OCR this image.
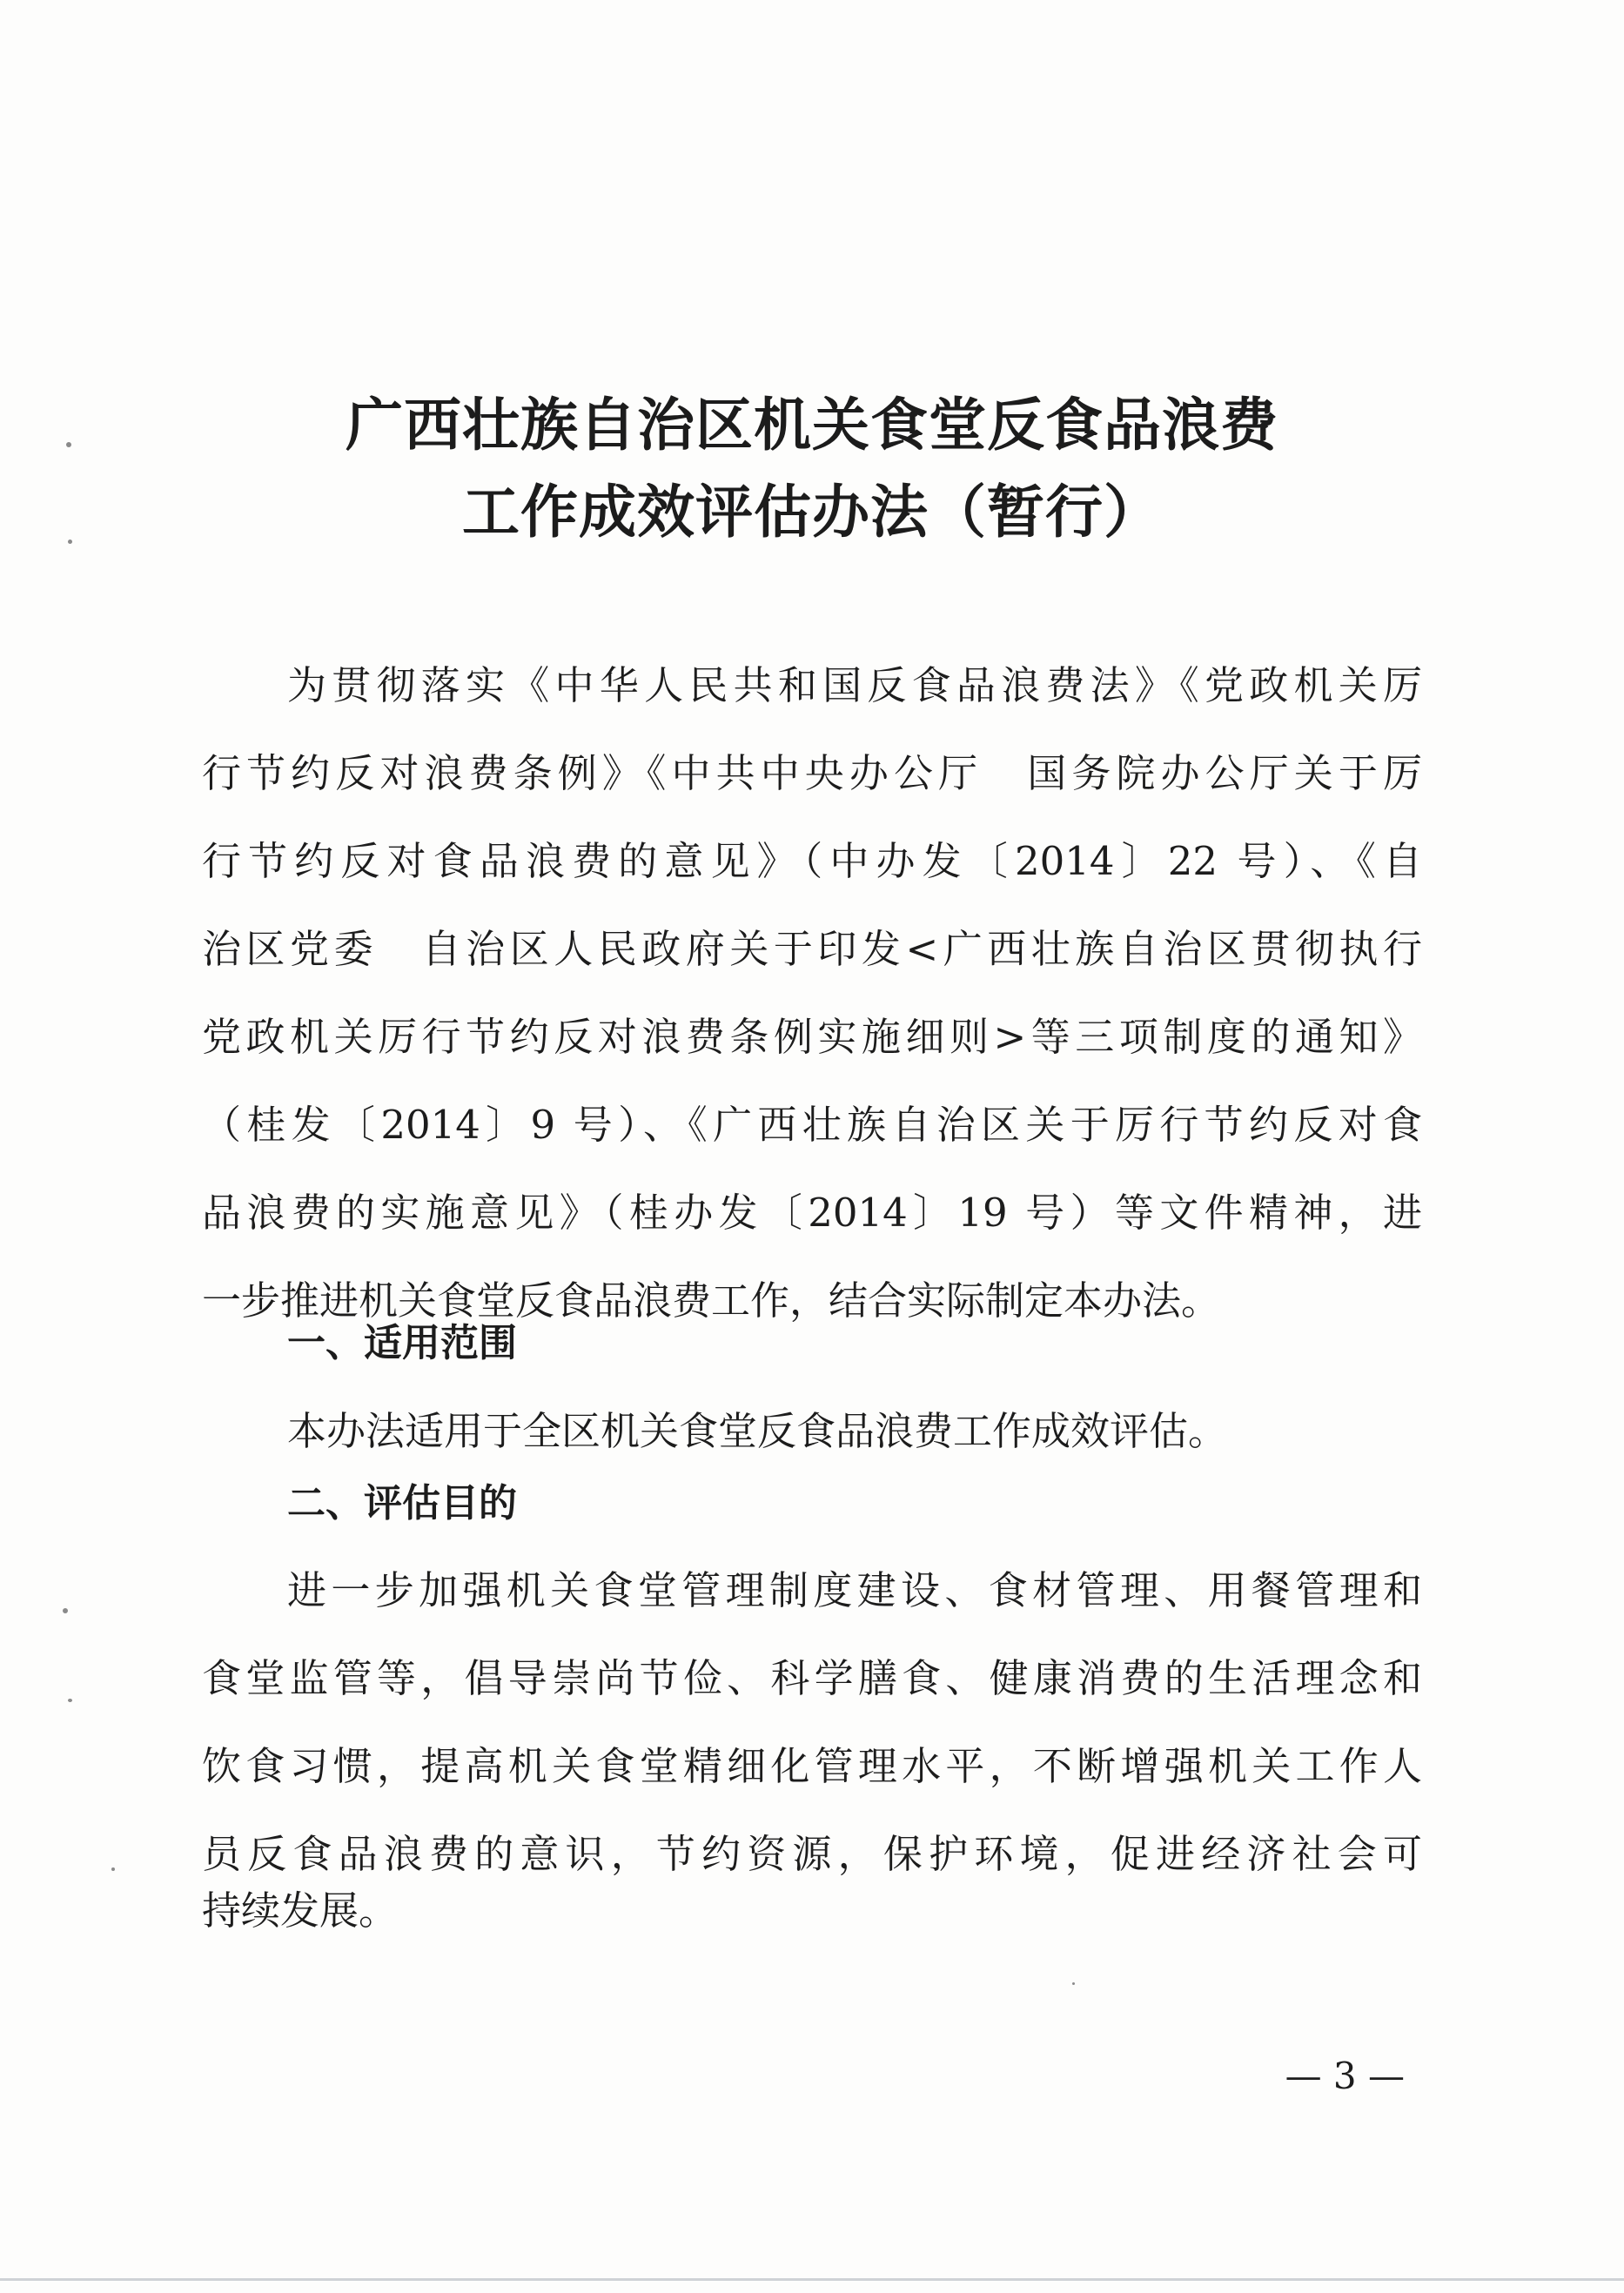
广西壮族自治区机关食堂反食品浪费
工作成效评估办法（暂行）
为贯彻落实《中华人民共和国反食品浪费法》《党政机关厉
行节约反对浪费条例》《中共中央办公厅　国务院办公厅关于厉
行节约反对食品浪费的意见》（中办发〔2014〕22 号）、《自
治区党委　自治区人民政府关于印发<广西壮族自治区贯彻执行
党政机关厉行节约反对浪费条例实施细则>等三项制度的通知》
（桂发〔2014〕9 号）、《广西壮族自治区关于厉行节约反对食
品浪费的实施意见》（桂办发〔2014〕19 号）等文件精神，进
一步推进机关食堂反食品浪费工作，结合实际制定本办法。
一、适用范围
本办法适用于全区机关食堂反食品浪费工作成效评估。
二、评估目的
进一步加强机关食堂管理制度建设、食材管理、用餐管理和
食堂监管等，倡导崇尚节俭、科学膳食、健康消费的生活理念和
饮食习惯，提高机关食堂精细化管理水平，不断增强机关工作人
员反食品浪费的意识，节约资源，保护环境，促进经济社会可
持续发展。
— 3 —
